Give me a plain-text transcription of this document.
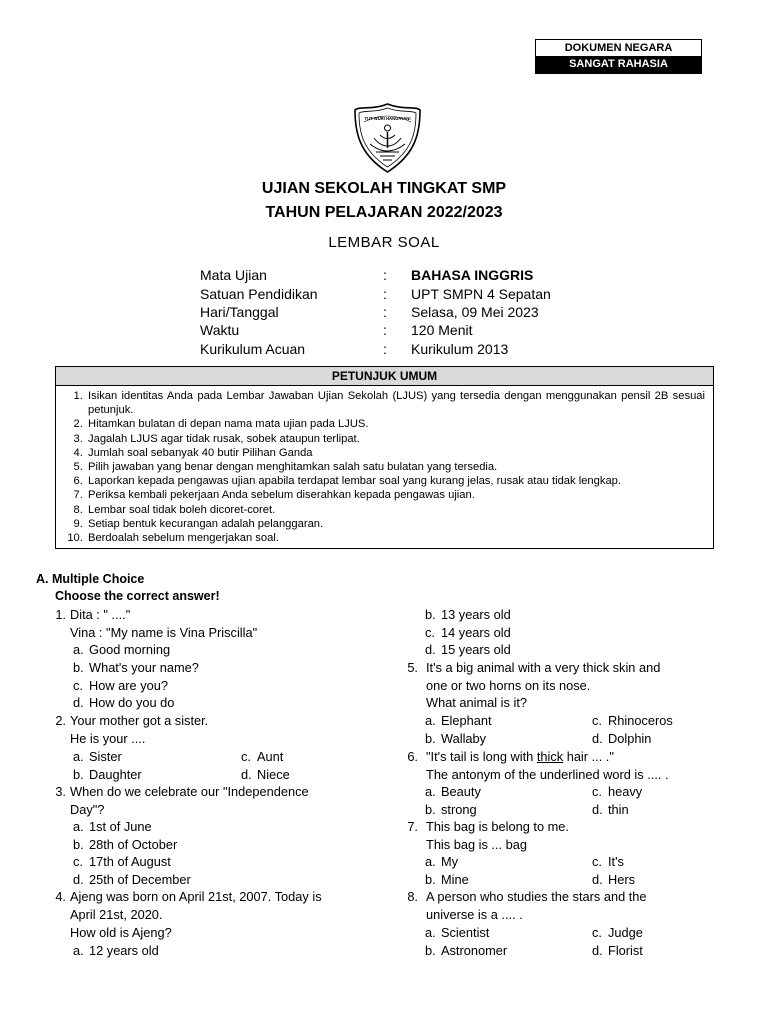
DOKUMEN NEGARA
SANGAT RAHASIA
TUT WURI HANDAYANI
UJIAN SEKOLAH TINGKAT SMP
TAHUN PELAJARAN 2022/2023
LEMBAR SOAL
Mata Ujian	: BAHASA INGGRIS
Satuan Pendidikan	: UPT SMPN 4 Sepatan
Hari/Tanggal	: Selasa, 09 Mei 2023
Waktu	: 120 Menit
Kurikulum Acuan	: Kurikulum 2013
PETUNJUK UMUM
1. Isikan identitas Anda pada Lembar Jawaban Ujian Sekolah (LJUS) yang tersedia dengan menggunakan pensil 2B sesuai petunjuk.
2. Hitamkan bulatan di depan nama mata ujian pada LJUS.
3. Jagalah LJUS agar tidak rusak, sobek ataupun terlipat.
4. Jumlah soal sebanyak 40 butir Pilihan Ganda
5. Pilih jawaban yang benar dengan menghitamkan salah satu bulatan yang tersedia.
6. Laporkan kepada pengawas ujian apabila terdapat lembar soal yang kurang jelas, rusak atau tidak lengkap.
7. Periksa kembali pekerjaan Anda sebelum diserahkan kepada pengawas ujian.
8. Lembar soal tidak boleh dicoret-coret.
9. Setiap bentuk kecurangan adalah pelanggaran.
10. Berdoalah sebelum mengerjakan soal.
A. Multiple Choice
Choose the correct answer!
1. Dita : " ...."
Vina : "My name is Vina Priscilla"
a. Good morning
b. What's your name?
c. How are you?
d. How do you do
2. Your mother got a sister.
He is your ....
a. Sister	c. Aunt
b. Daughter	d. Niece
3. When do we celebrate our "Independence
Day"?
a. 1st of June
b. 28th of October
c. 17th of August
d. 25th of December
4. Ajeng was born on April 21st, 2007. Today is
April 21st, 2020.
How old is Ajeng?
a. 12 years old
b. 13 years old
c. 14 years old
d. 15 years old
5. It's a big animal with a very thick skin and
one or two horns on its nose.
What animal is it?
a. Elephant	c. Rhinoceros
b. Wallaby	d. Dolphin
6. "It's tail is long with thick hair ... ."
The antonym of the underlined word is .... .
a. Beauty	c. heavy
b. strong	d. thin
7. This bag is belong to me.
This bag is ... bag
a. My	c. It's
b. Mine	d. Hers
8. A person who studies the stars and the
universe is a .... .
a. Scientist	c. Judge
b. Astronomer	d. Florist
